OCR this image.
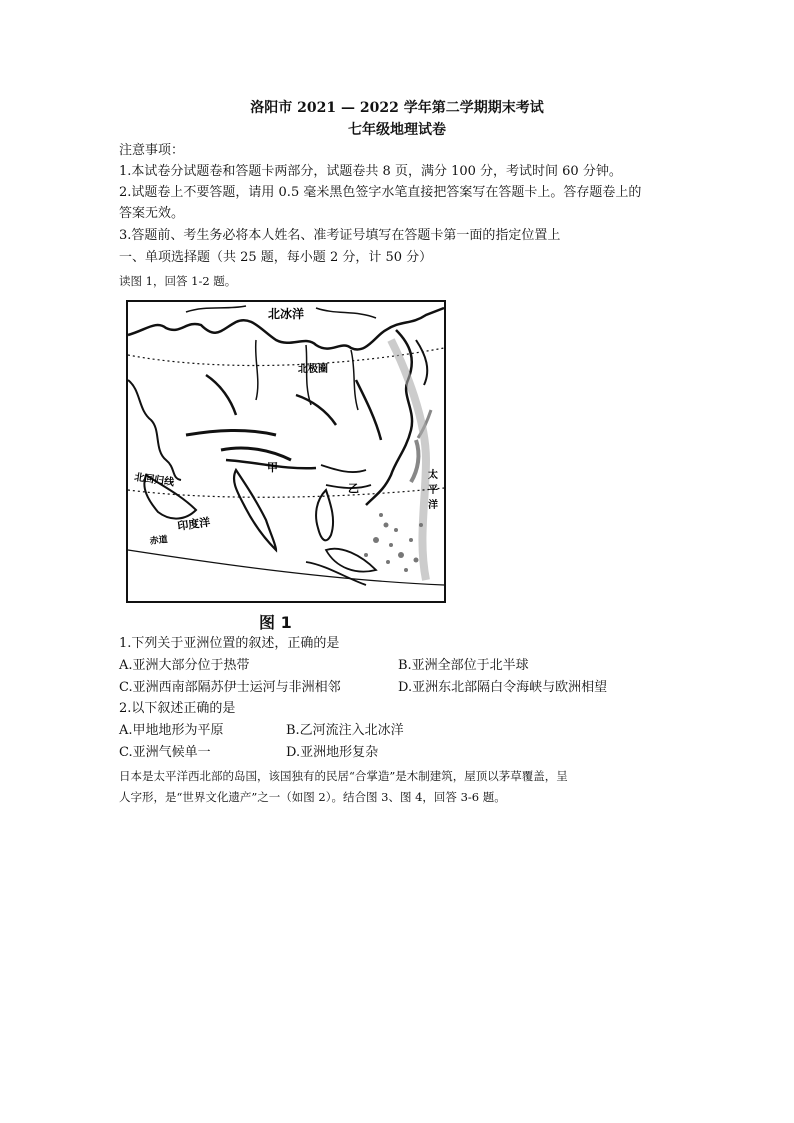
洛阳市 2021 — 2022 学年第二学期期末考试
七年级地理试卷
注意事项：
1.本试卷分试题卷和答题卡两部分，试题卷共 8 页，满分 100 分，考试时间 60 分钟。
2.试题卷上不要答题，请用 0.5 毫米黑色签字水笔直接把答案写在答题卡上。答存题卷上的
答案无效。
3.答题前、考生务必将本人姓名、准考证号填写在答题卡第一面的指定位置上
一、单项选择题（共 25 题，每小题 2 分，计 50 分）
读图 1，回答 1-2 题。
北冰洋
北极圈
甲
乙
太
平
洋
北回归线
印度洋
赤道
图 1
1.下列关于亚洲位置的叙述，正确的是
A.亚洲大部分位于热带	B.亚洲全部位于北半球
C.亚洲西南部隔苏伊士运河与非洲相邻	D.亚洲东北部隔白令海峡与欧洲相望
2.以下叙述正确的是
A.甲地地形为平原	B.乙河流注入北冰洋
C.亚洲气候单一	D.亚洲地形复杂
日本是太平洋西北部的岛国，该国独有的民居“合掌造”是木制建筑，屋顶以茅草覆盖，呈
人字形，是“世界文化遗产”之一（如图 2）。结合图 3、图 4，回答 3-6 题。
